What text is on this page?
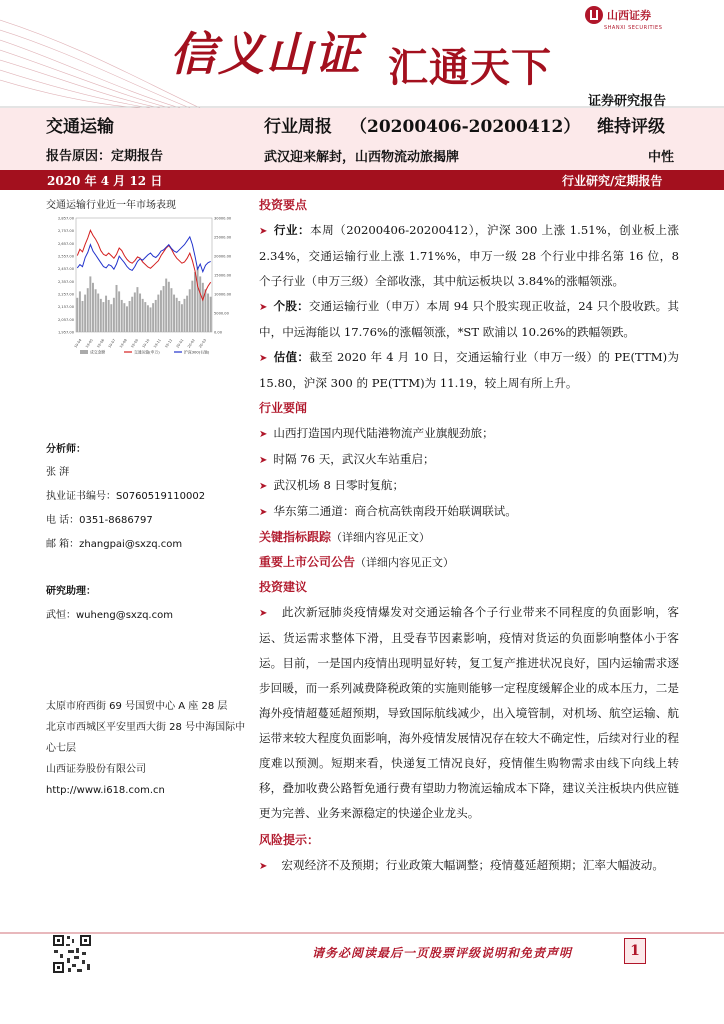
信义山证 汇通天下
山西证券
SHANXI SECURITIES
证券研究报告
交通运输
报告原因：定期报告
行业周报 （20200406-20200412）
武汉迎来解封，山西物流动旅揭牌
维持评级
中性
2020 年 4 月 12 日	行业研究/定期报告
交通运输行业近一年市场表现
2,857.00
2,757.00
2,657.00
2,557.00
2,457.00
2,357.00
2,257.00
2,157.00
2,057.00
1,957.00
30000.00
25000.00
20000.00
15000.00
10000.00
5000.00
0.00
19-04 19-05 19-06 19-07 19-08 19-09 19-10 19-11 19-12 20-01 20-02 20-03
成交金额	交通运输(申万)	沪深300(右轴)
分析师：
张 湃
执业证书编号：S0760519110002
电 话：0351-8686797
邮 箱：zhangpai@sxzq.com
研究助理：
武恒：wuheng@sxzq.com
太原市府西街 69 号国贸中心 A 座 28 层
北京市西城区平安里西大街 28 号中海国际中心七层
山西证券股份有限公司
http://www.i618.com.cn
投资要点

➤ 行业：本周（20200406-20200412），沪深 300 上涨 1.51%，创业板上涨 2.34%，交通运输行业上涨 1.71%%，申万一级 28 个行业中排名第 16 位，8 个子行业（申万三级）全部收涨，其中航运板块以 3.84%的涨幅领涨。

➤ 个股：交通运输行业（申万）本周 94 只个股实现正收益，24 只个股收跌。其中，中远海能以 17.76%的涨幅领涨，*ST 欧浦以 10.26%的跌幅领跌。

➤ 估值：截至 2020 年 4 月 10 日，交通运输行业（申万一级）的 PE(TTM)为 15.80，沪深 300 的 PE(TTM)为 11.19，较上周有所上升。

行业要闻

➤ 山西打造国内现代陆港物流产业旗舰劲旅；

➤ 时隔 76 天，武汉火车站重启；

➤ 武汉机场 8 日零时复航；

➤ 华东第二通道：商合杭高铁南段开始联调联试。

关键指标跟踪（详细内容见正文）
重要上市公司公告（详细内容见正文）
投资建议

➤ 此次新冠肺炎疫情爆发对交通运输各个子行业带来不同程度的负面影响，客运、货运需求整体下滑，且受春节因素影响，疫情对货运的负面影响整体小于客运。目前，一是国内疫情出现明显好转，复工复产推进状况良好，国内运输需求逐步回暖，而一系列减费降税政策的实施则能够一定程度缓解企业的成本压力，二是海外疫情超蔓延超预期，导致国际航线减少，出入境管制，对机场、航空运输、航运带来较大程度负面影响，海外疫情发展情况存在较大不确定性，后续对行业的程度难以预测。短期来看，快递复工情况良好，疫情催生购物需求由线下向线上转移，叠加收费公路暂免通行费有望助力物流运输成本下降，建议关注板块内供应链更为完善、业务来源稳定的快递企业龙头。

风险提示：

➤ 宏观经济不及预期；行业政策大幅调整；疫情蔓延超预期；汇率大幅波动。

请务必阅读最后一页股票评级说明和免责声明	1
